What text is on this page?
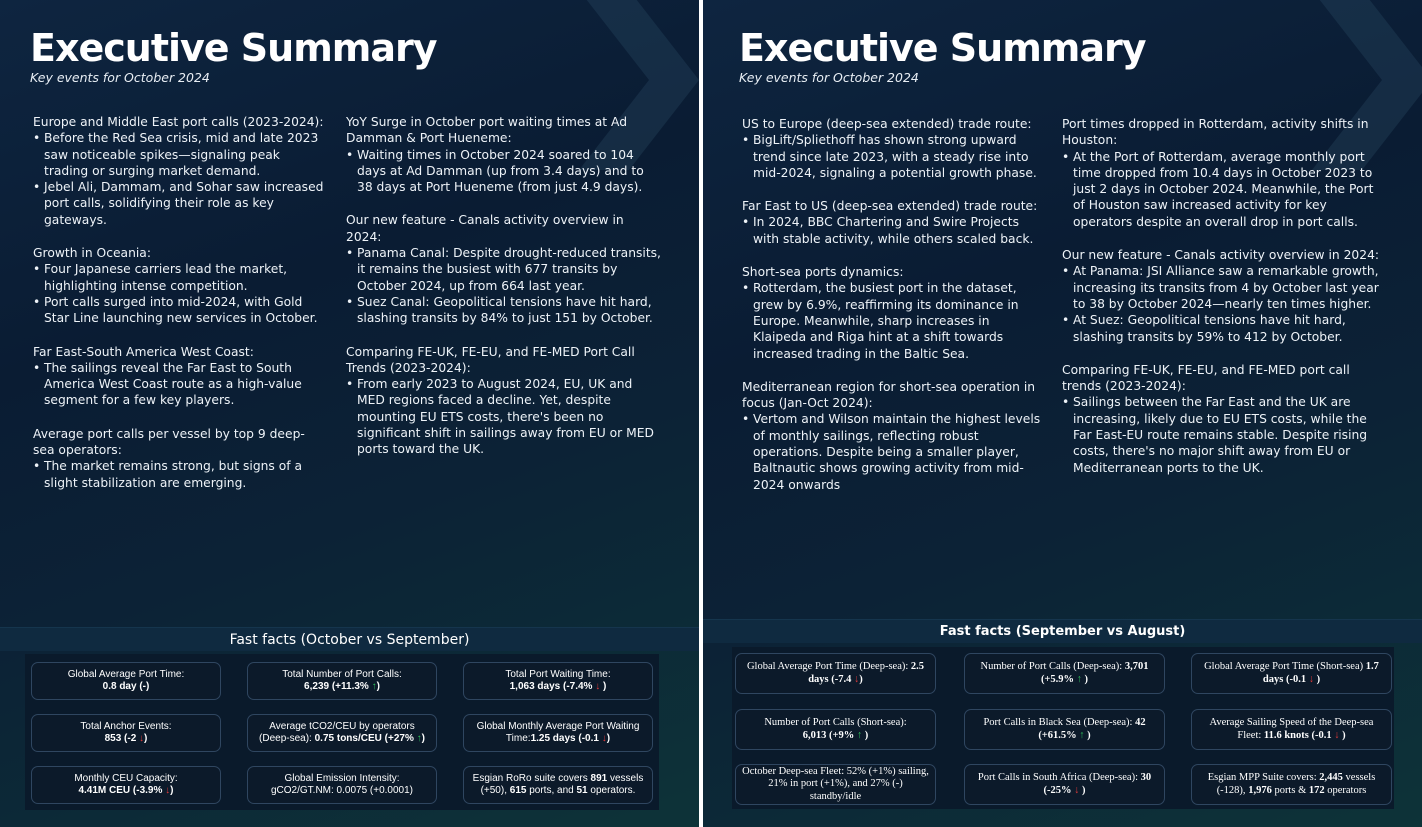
Executive Summary
Key events for October 2024
Europe and Middle East port calls (2023-2024):
• Before the Red Sea crisis, mid and late 2023 saw noticeable spikes—signaling peak trading or surging market demand.
• Jebel Ali, Dammam, and Sohar saw increased port calls, solidifying their role as key gateways.
Growth in Oceania:
• Four Japanese carriers lead the market, highlighting intense competition.
• Port calls surged into mid-2024, with Gold Star Line launching new services in October.
Far East-South America West Coast:
• The sailings reveal the Far East to South America West Coast route as a high-value segment for a few key players.
Average port calls per vessel by top 9 deep-sea operators:
• The market remains strong, but signs of a slight stabilization are emerging.
YoY Surge in October port waiting times at Ad Damman & Port Hueneme:
• Waiting times in October 2024 soared to 104 days at Ad Damman (up from 3.4 days) and to 38 days at Port Hueneme (from just 4.9 days).
Our new feature - Canals activity overview in 2024:
• Panama Canal: Despite drought-reduced transits, it remains the busiest with 677 transits by October 2024, up from 664 last year.
• Suez Canal: Geopolitical tensions have hit hard, slashing transits by 84% to just 151 by October.
Comparing FE-UK, FE-EU, and FE-MED Port Call Trends (2023-2024):
• From early 2023 to August 2024, EU, UK and MED regions faced a decline. Yet, despite mounting EU ETS costs, there's been no significant shift in sailings away from EU or MED ports toward the UK.
Fast facts (October vs September)
Global Average Port Time:
0.8 day (-)
Total Number of Port Calls:
6,239 (+11.3% ↑)
Total Port Waiting Time:
1,063 days (-7.4% ↓ )
Total Anchor Events:
853 (-2 ↓)
Average tCO2/CEU by operators (Deep-sea): 0.75 tons/CEU (+27% ↑)
Global Monthly Average Port Waiting Time:1.25 days (-0.1 ↓)
Monthly CEU Capacity:
4.41M CEU (-3.9% ↓)
Global Emission Intensity:
gCO2/GT.NM: 0.0075 (+0.0001)
Esgian RoRo suite covers 891 vessels (+50), 615 ports, and 51 operators.
Executive Summary
Key events for October 2024
US to Europe (deep-sea extended) trade route:
• BigLift/Spliethoff has shown strong upward trend since late 2023, with a steady rise into mid-2024, signaling a potential growth phase.
Far East to US (deep-sea extended) trade route:
• In 2024, BBC Chartering and Swire Projects with stable activity, while others scaled back.
Short-sea ports dynamics:
• Rotterdam, the busiest port in the dataset, grew by 6.9%, reaffirming its dominance in Europe. Meanwhile, sharp increases in Klaipeda and Riga hint at a shift towards increased trading in the Baltic Sea.
Mediterranean region for short-sea operation in focus (Jan-Oct 2024):
• Vertom and Wilson maintain the highest levels of monthly sailings, reflecting robust operations. Despite being a smaller player, Baltnautic shows growing activity from mid-2024 onwards
Port times dropped in Rotterdam, activity shifts in Houston:
• At the Port of Rotterdam, average monthly port time dropped from 10.4 days in October 2023 to just 2 days in October 2024. Meanwhile, the Port of Houston saw increased activity for key operators despite an overall drop in port calls.
Our new feature - Canals activity overview in 2024:
• At Panama: JSI Alliance saw a remarkable growth, increasing its transits from 4 by October last year to 38 by October 2024—nearly ten times higher.
• At Suez: Geopolitical tensions have hit hard, slashing transits by 59% to 412 by October.
Comparing FE-UK, FE-EU, and FE-MED port call trends (2023-2024):
• Sailings between the Far East and the UK are increasing, likely due to EU ETS costs, while the Far East-EU route remains stable. Despite rising costs, there's no major shift away from EU or Mediterranean ports to the UK.
Fast facts (September vs August)
Global Average Port Time (Deep-sea): 2.5 days (-7.4 ↓)
Number of Port Calls (Deep-sea): 3,701 (+5.9% ↑ )
Global Average Port Time (Short-sea) 1.7 days (-0.1 ↓ )
Number of Port Calls (Short-sea):
6,013 (+9% ↑ )
Port Calls in Black Sea (Deep-sea): 42 (+61.5% ↑ )
Average Sailing Speed of the Deep-sea Fleet: 11.6 knots (-0.1 ↓ )
October Deep-sea Fleet: 52% (+1%) sailing, 21% in port (+1%), and 27% (-) standby/idle
Port Calls in South Africa (Deep-sea): 30 (-25% ↓ )
Esgian MPP Suite covers: 2,445 vessels (-128), 1,976 ports & 172 operators
